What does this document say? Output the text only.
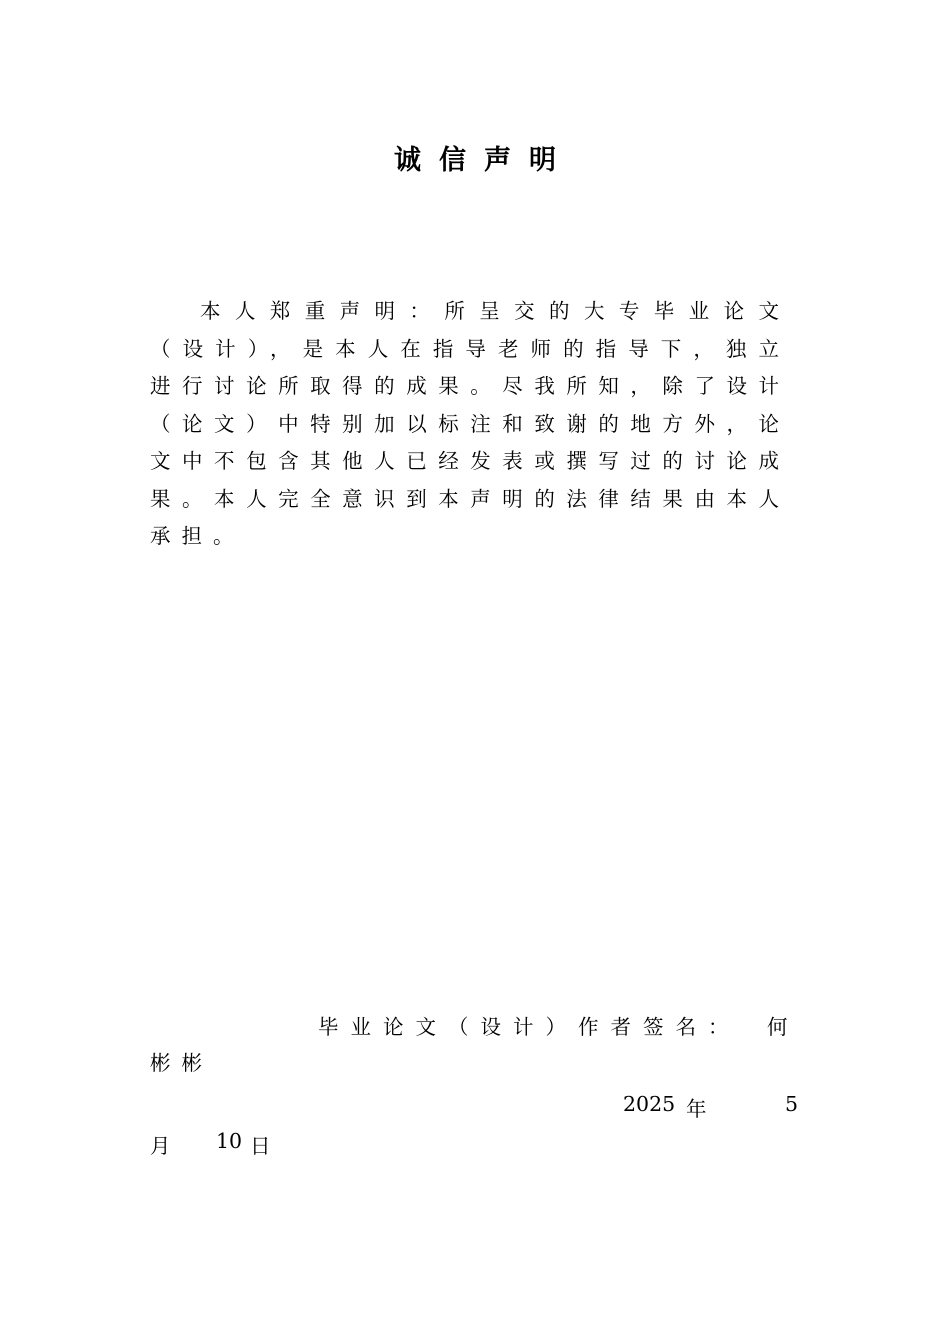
诚信声明

本人郑重声明：所呈交的大专毕业论文（设计），是本人在指导老师的指导下，独立进行讨论所取得的成果。尽我所知，除了设计（论文）中特别加以标注和致谢的地方外，论文中不包含其他人已经发表或撰写过的讨论成果。本人完全意识到本声明的法律结果由本人承担。

毕业论文（设计）作者签名： 何
彬彬
2025 年	5
月 10 日
